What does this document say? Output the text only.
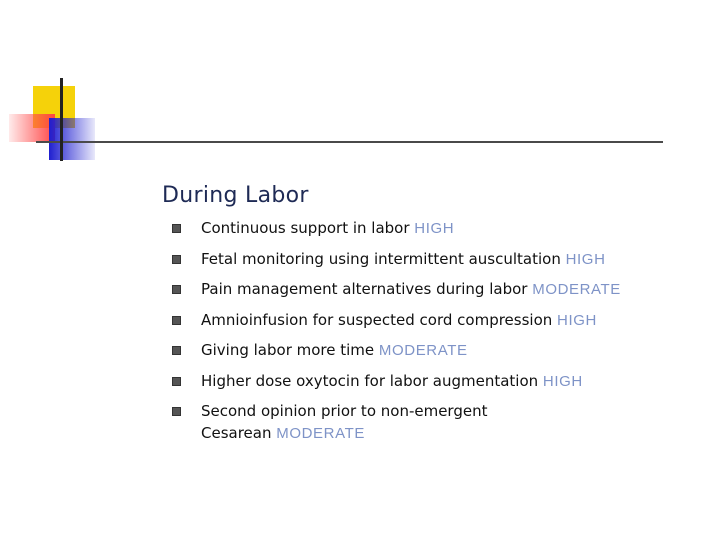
During Labor
Continuous support in labor HIGH
Fetal monitoring using intermittent auscultation HIGH
Pain management alternatives during labor MODERATE
Amnioinfusion for suspected cord compression HIGH
Giving labor more time MODERATE
Higher dose oxytocin for labor augmentation HIGH
Second opinion prior to non-emergent Cesarean MODERATE
